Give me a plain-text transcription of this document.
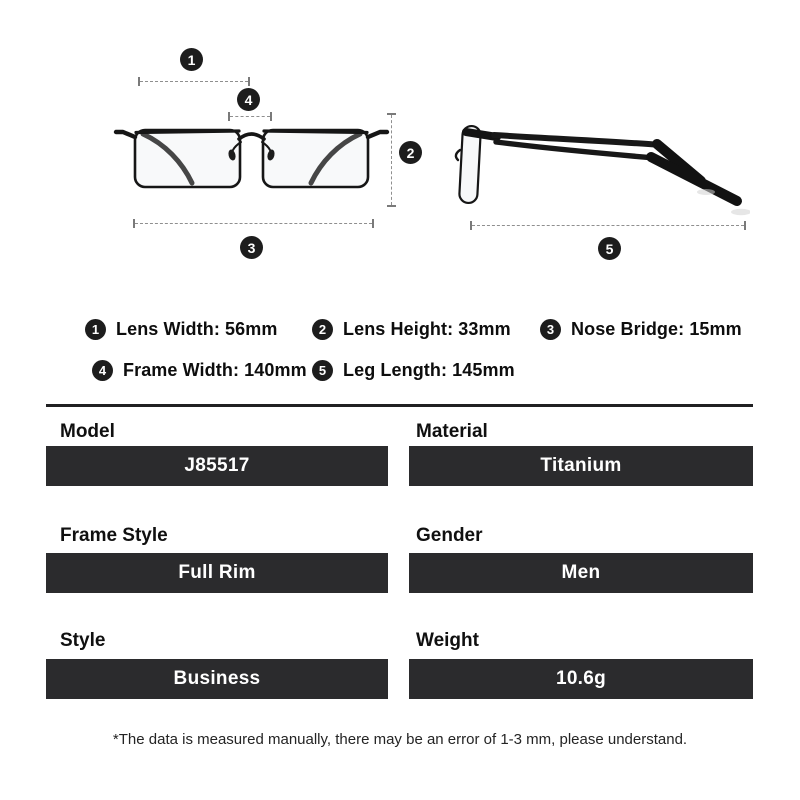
1
4
2
3	5
1 Lens Width: 56mm	2 Lens Height: 33mm	3 Nose Bridge: 15mm
4 Frame Width: 140mm 5 Leg Length: 145mm
Model
J85517
Material
Titanium
Frame Style
Full Rim
Gender
Men
Style
Business
Weight
10.6g
*The data is measured manually, there may be an error of 1-3 mm, please understand.
